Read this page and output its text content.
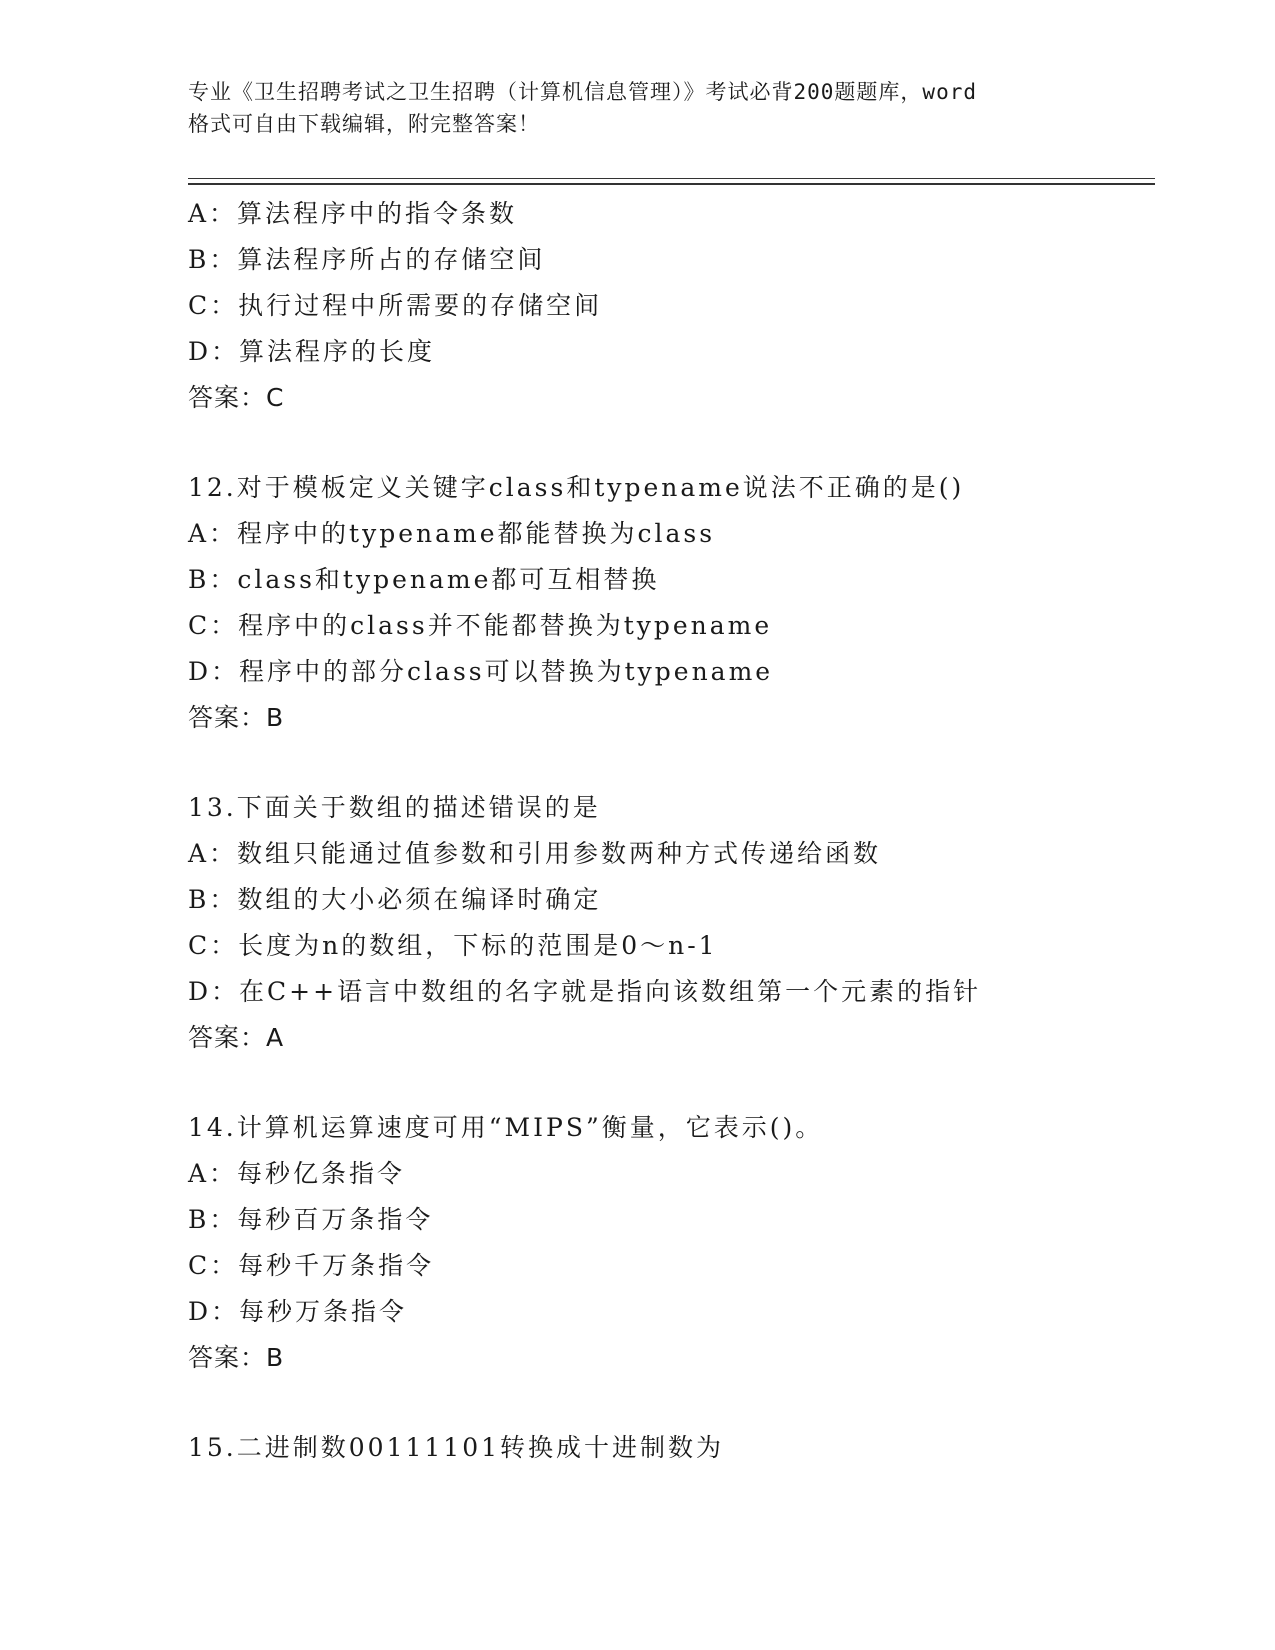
专业《卫生招聘考试之卫生招聘（计算机信息管理）》考试必背200题题库，word
格式可自由下载编辑，附完整答案！
A：算法程序中的指令条数
B：算法程序所占的存储空间
C：执行过程中所需要的存储空间
D：算法程序的长度
答案：C
12.对于模板定义关键字class和typename说法不正确的是()
A：程序中的typename都能替换为class
B：class和typename都可互相替换
C：程序中的class并不能都替换为typename
D：程序中的部分class可以替换为typename
答案：B
13.下面关于数组的描述错误的是
A：数组只能通过值参数和引用参数两种方式传递给函数
B：数组的大小必须在编译时确定
C：长度为n的数组，下标的范围是0～n-1
D：在C++语言中数组的名字就是指向该数组第一个元素的指针
答案：A
14.计算机运算速度可用“MIPS”衡量，它表示()。
A：每秒亿条指令
B：每秒百万条指令
C：每秒千万条指令
D：每秒万条指令
答案：B
15.二进制数00111101转换成十进制数为
